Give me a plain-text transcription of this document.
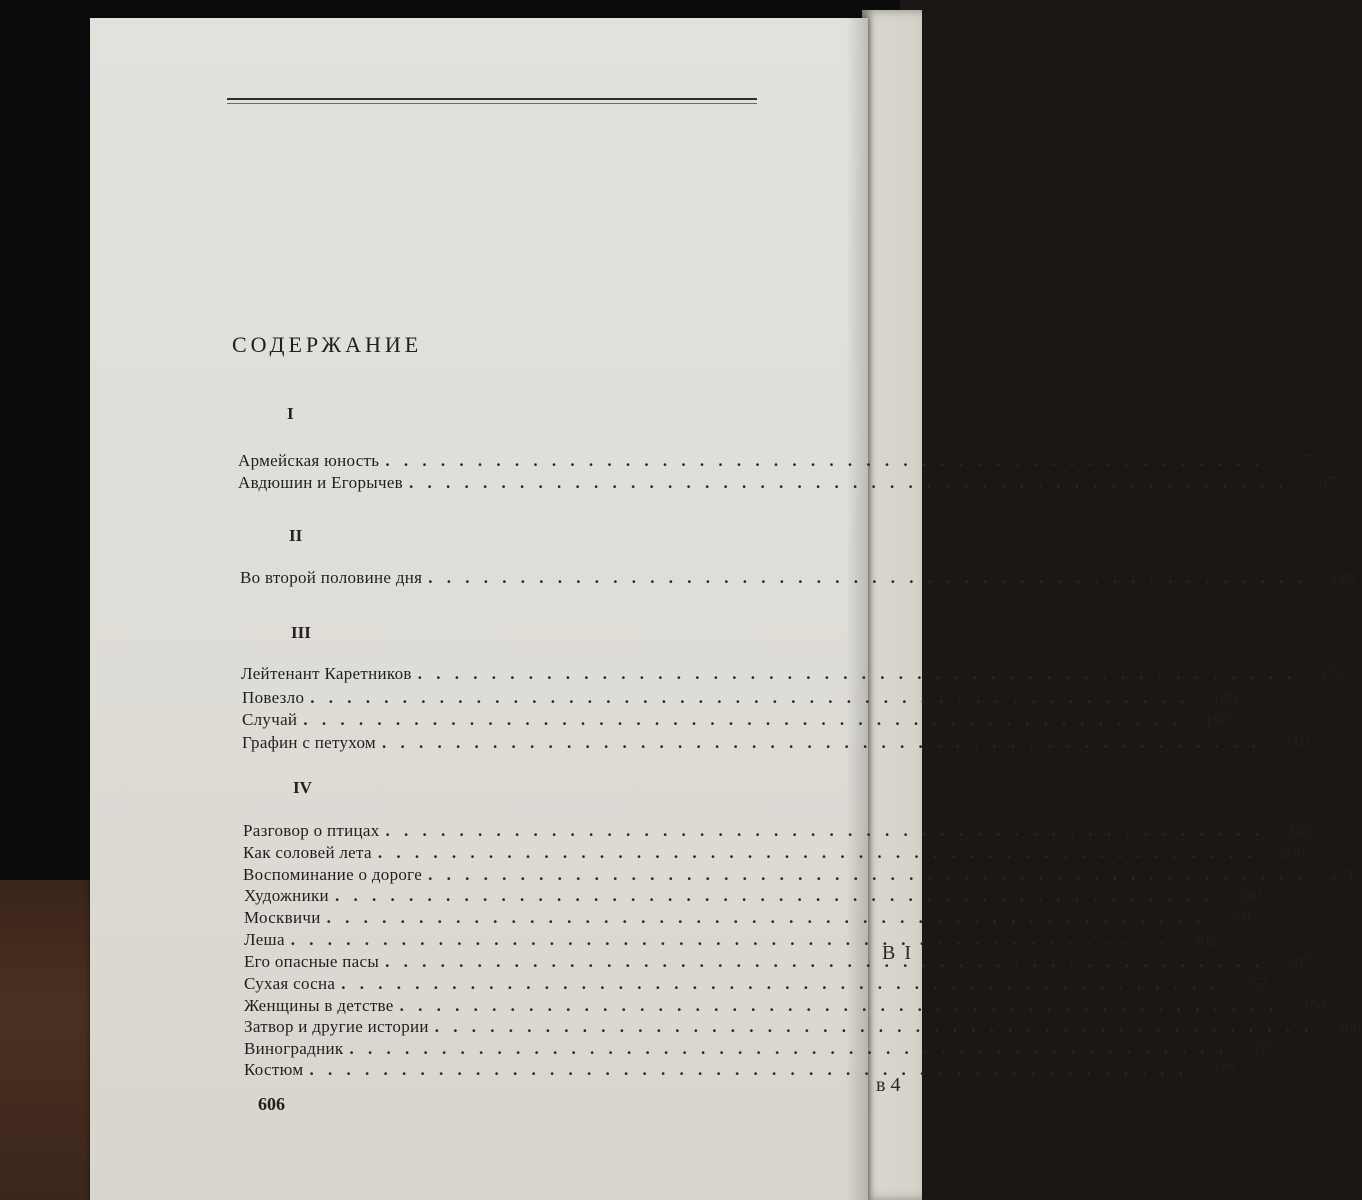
В I
в 4
СОДЕРЖАНИЕ
I
Армейская юность . . .	7
Авдюшин и Егорычев . . .	67
II
Во второй половине дня . . .	120
III
Лейтенант Каретников . . .	172
Повезло . . .	186
Случай . . .	198
Графин с петухом . . .	210
IV
Разговор о птицах . . .	262
Как соловей лета . . .	266
Воспоминание о дороге . . .	271
Художники . . .	280
Москвичи . . .	291
Леша . . .	302
Его опасные пасы . . .	307
Сухая сосна . . .	357
Женщины в детстве . . .	364
Затвор и другие истории . . .	366
Виноградник . . .	372
Костюм . . .	375
606
